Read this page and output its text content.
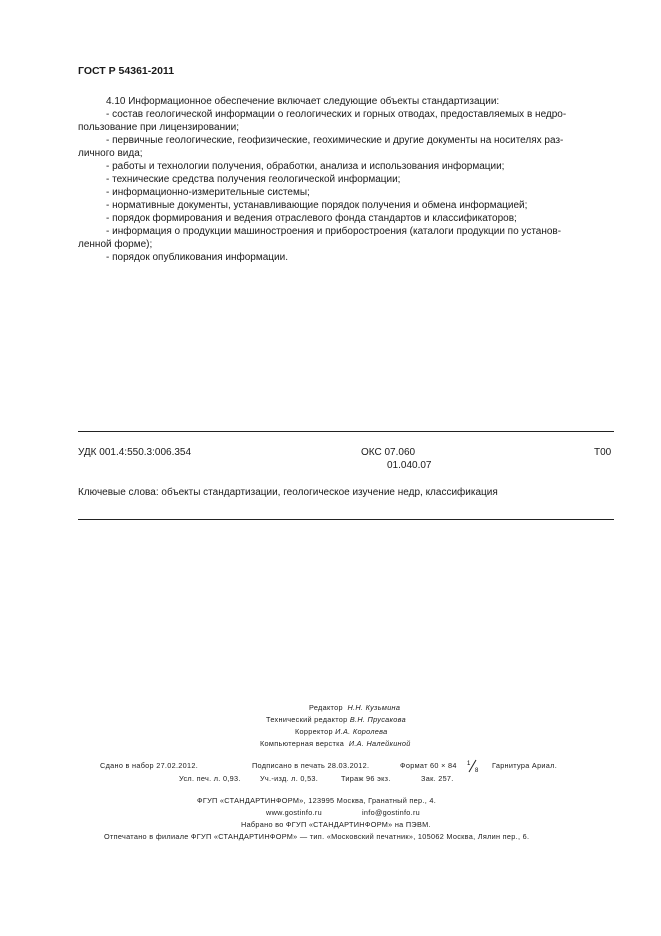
ГОСТ Р 54361-2011
4.10 Информационное обеспечение включает следующие объекты стандартизации:
- состав геологической информации о геологических и горных отводах, предоставляемых в недро-
пользование при лицензировании;
- первичные геологические, геофизические, геохимические и другие документы на носителях раз-
личного вида;
- работы и технологии получения, обработки, анализа и использования информации;
- технические средства получения геологической информации;
- информационно-измерительные системы;
- нормативные документы, устанавливающие порядок получения и обмена информацией;
- порядок формирования и ведения отраслевого фонда стандартов и классификаторов;
- информация о продукции машиностроения и приборостроения (каталоги продукции по установ-
ленной форме);
- порядок опубликования информации.
УДК 001.4:550.3:006.354	ОКС 07.060
01.040.07
Т00
Ключевые слова: объекты стандартизации, геологическое изучение недр, классификация
Редактор Н.Н. Кузьмина
Технический редактор В.Н. Прусакова
Корректор И.А. Королева
Компьютерная верстка И.А. Налейкиной
Сдано в набор 27.02.2012.	Подписано в печать 28.03.2012.	Формат 60 × 84 1
8
Гарнитура Ариал.
Усл. печ. л. 0,93.	Уч.-изд. л. 0,53.	Тираж 96 экз.	Зак. 257.
ФГУП «СТАНДАРТИНФОРМ», 123995 Москва, Гранатный пер., 4.
www.gostinfo.ru	info@gostinfo.ru
Набрано во ФГУП «СТАНДАРТИНФОРМ» на ПЭВМ.
Отпечатано в филиале ФГУП «СТАНДАРТИНФОРМ» — тип. «Московский печатник», 105062 Москва, Лялин пер., 6.
